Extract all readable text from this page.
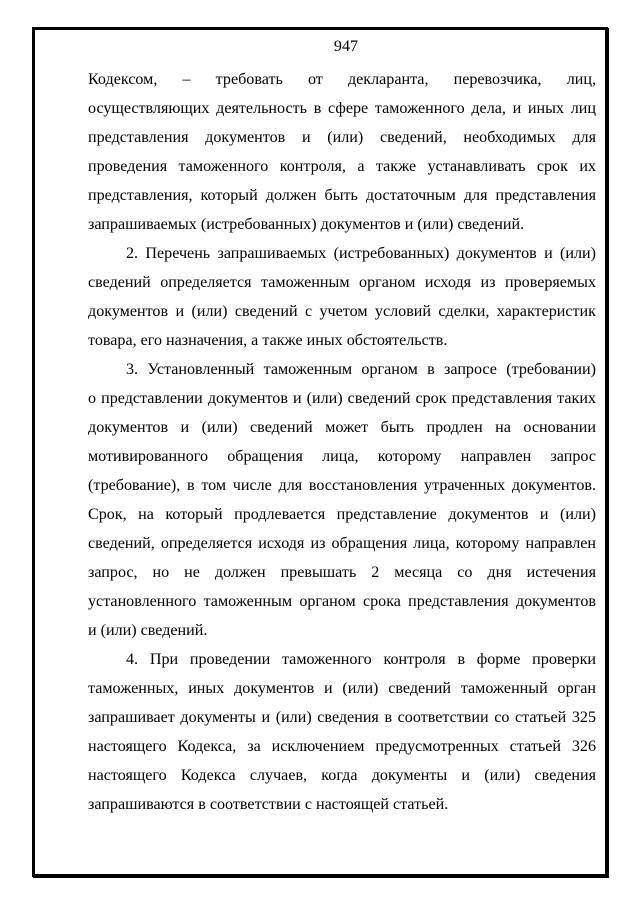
947
Кодексом, – требовать от декларанта, перевозчика, лиц,
осуществляющих деятельность в сфере таможенного дела, и иных лиц
представления документов и (или) сведений, необходимых для
проведения таможенного контроля, а также устанавливать срок их
представления, который должен быть достаточным для представления
запрашиваемых (истребованных) документов и (или) сведений.
2. Перечень запрашиваемых (истребованных) документов и (или)
сведений определяется таможенным органом исходя из проверяемых
документов и (или) сведений с учетом условий сделки, характеристик
товара, его назначения, а также иных обстоятельств.
3. Установленный таможенным органом в запросе (требовании)
о представлении документов и (или) сведений срок представления таких
документов и (или) сведений может быть продлен на основании
мотивированного обращения лица, которому направлен запрос
(требование), в том числе для восстановления утраченных документов.
Срок, на который продлевается представление документов и (или)
сведений, определяется исходя из обращения лица, которому направлен
запрос, но не должен превышать 2 месяца со дня истечения
установленного таможенным органом срока представления документов
и (или) сведений.
4. При проведении таможенного контроля в форме проверки
таможенных, иных документов и (или) сведений таможенный орган
запрашивает документы и (или) сведения в соответствии со статьей 325
настоящего Кодекса, за исключением предусмотренных статьей 326
настоящего Кодекса случаев, когда документы и (или) сведения
запрашиваются в соответствии с настоящей статьей.
